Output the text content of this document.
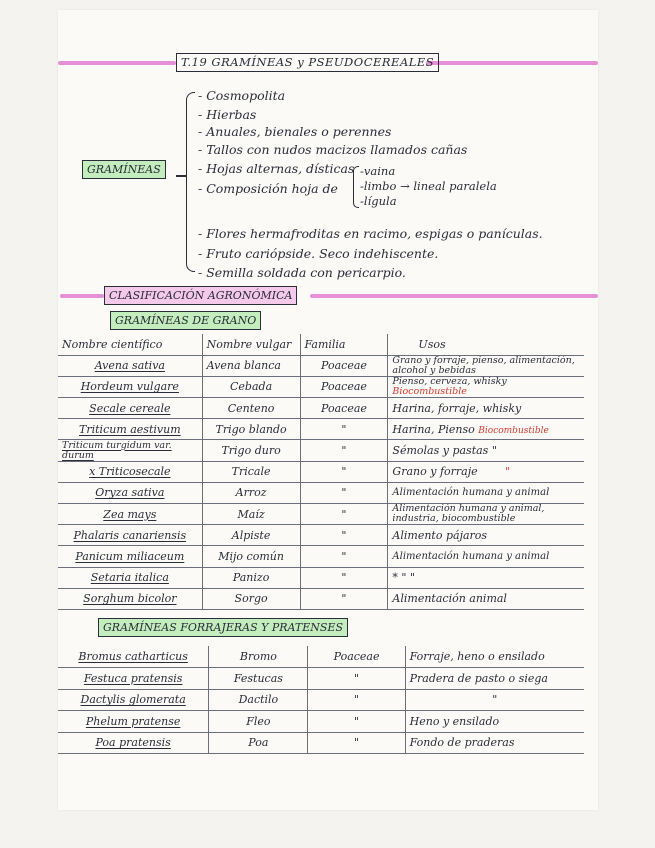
T.19 GRAMÍNEAS y PSEUDOCEREALES
GRAMÍNEAS
- Cosmopolita
- Hierbas
- Anuales, bienales o perennes
- Tallos con nudos macizos llamados cañas
- Hojas alternas, dísticas
- Composición hoja de
- Flores hermafroditas en racimo, espigas o panículas.
- Fruto cariópside. Seco indehiscente.
- Semilla soldada con pericarpio.
-vaina
-limbo → lineal paralela
-lígula
CLASIFICACIÓN AGRONÓMICA
GRAMÍNEAS DE GRANO
Nombre científico	Nombre vulgar	Familia	Usos
Avena sativa	Avena blanca	Poaceae	Grano y forraje, pienso, alimentación, alcohol y bebidas
Hordeum vulgare	Cebada	Poaceae	Pienso, cerveza, whisky Biocombustible
Secale cereale	Centeno	Poaceae	Harina, forraje, whisky
Triticum aestivum	Trigo blando	"	Harina, Pienso Biocombustible
Triticum turgidum var. durum	Trigo duro	"	Sémolas y pastas "
x Triticosecale	Tricale	"	Grano y forraje "
Oryza sativa	Arroz	"	Alimentación humana y animal
Zea mays	Maíz	"	Alimentación humana y animal, industria, biocombustible
Phalaris canariensis	Alpiste	"	Alimento pájaros
Panicum miliaceum	Mijo común	"	Alimentación humana y animal
Setaria italica	Panizo	"	* " "
Sorghum bicolor	Sorgo	"	Alimentación animal
GRAMÍNEAS FORRAJERAS Y PRATENSES
Bromus catharticus	Bromo	Poaceae	Forraje, heno o ensilado
Festuca pratensis	Festucas	"	Pradera de pasto o siega
Dactylis glomerata	Dactilo	"	"
Phelum pratense	Fleo	"	Heno y ensilado
Poa pratensis	Poa	"	Fondo de praderas
